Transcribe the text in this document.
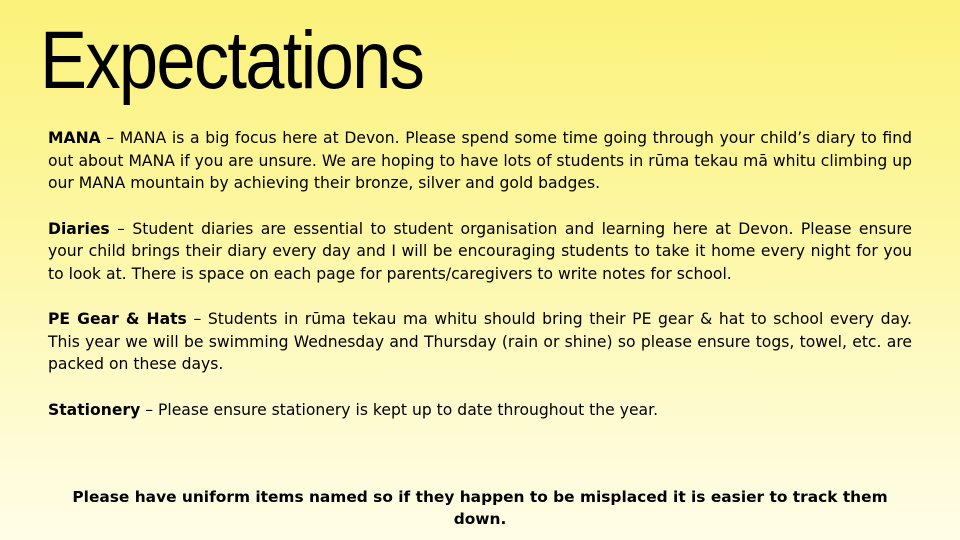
Expectations

MANA – MANA is a big focus here at Devon. Please spend some time going through your child’s diary to find out about MANA if you are unsure. We are hoping to have lots of students in rūma tekau mā whitu climbing up our MANA mountain by achieving their bronze, silver and gold badges.

Diaries – Student diaries are essential to student organisation and learning here at Devon. Please ensure your child brings their diary every day and I will be encouraging students to take it home every night for you to look at. There is space on each page for parents/caregivers to write notes for school.

PE Gear & Hats – Students in rūma tekau ma whitu should bring their PE gear & hat to school every day. This year we will be swimming Wednesday and Thursday (rain or shine) so please ensure togs, towel, etc. are packed on these days.

Stationery – Please ensure stationery is kept up to date throughout the year.

Please have uniform items named so if they happen to be misplaced it is easier to track them down.
